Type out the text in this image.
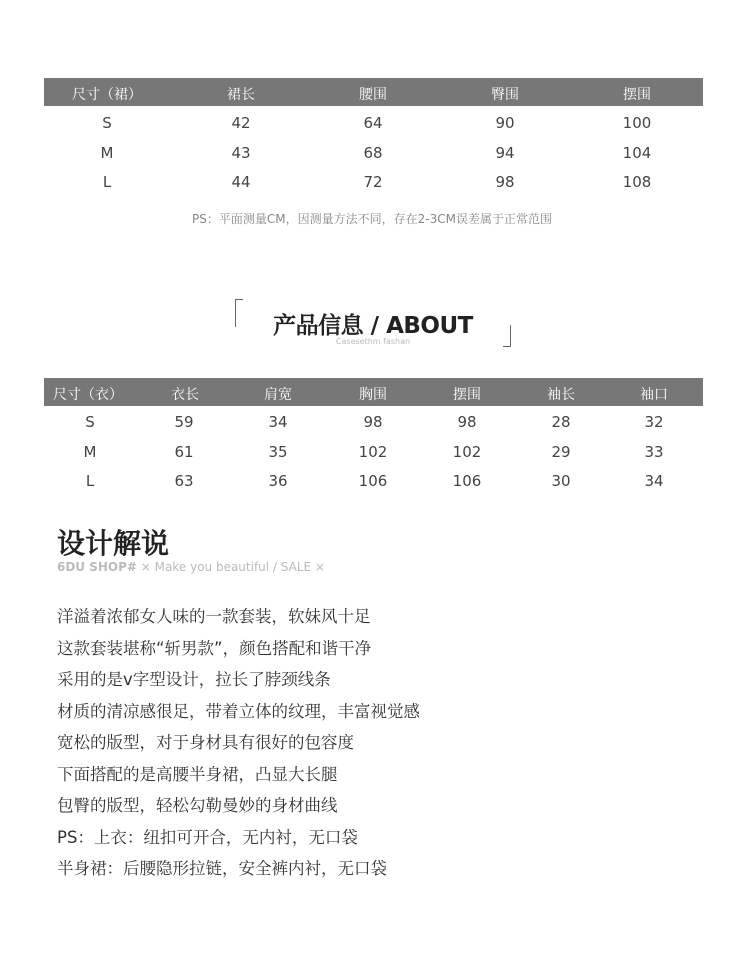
尺寸（裙）	裙长	腰围	臀围	摆围
S	42	64	90	100
M	43	68	94	104
L	44	72	98	108
PS：平面测量CM，因测量方法不同，存在2-3CM误差属于正常范围
产品信息 / ABOUT
Casesethm fashan
尺寸（衣）	衣长	肩宽	胸围	摆围	袖长	袖口
S	59	34	98	98	28	32
M	61	35	102	102	29	33
L	63	36	106	106	30	34
设计解说
6DU SHOP# × Make you beautiful / SALE ×
洋溢着浓郁女人味的一款套装，软妹风十足
这款套装堪称“斩男款”，颜色搭配和谐干净
采用的是v字型设计，拉长了脖颈线条
材质的清凉感很足，带着立体的纹理，丰富视觉感
宽松的版型，对于身材具有很好的包容度
下面搭配的是高腰半身裙，凸显大长腿
包臀的版型，轻松勾勒曼妙的身材曲线
PS：上衣：纽扣可开合，无内衬，无口袋
半身裙：后腰隐形拉链，安全裤内衬，无口袋
